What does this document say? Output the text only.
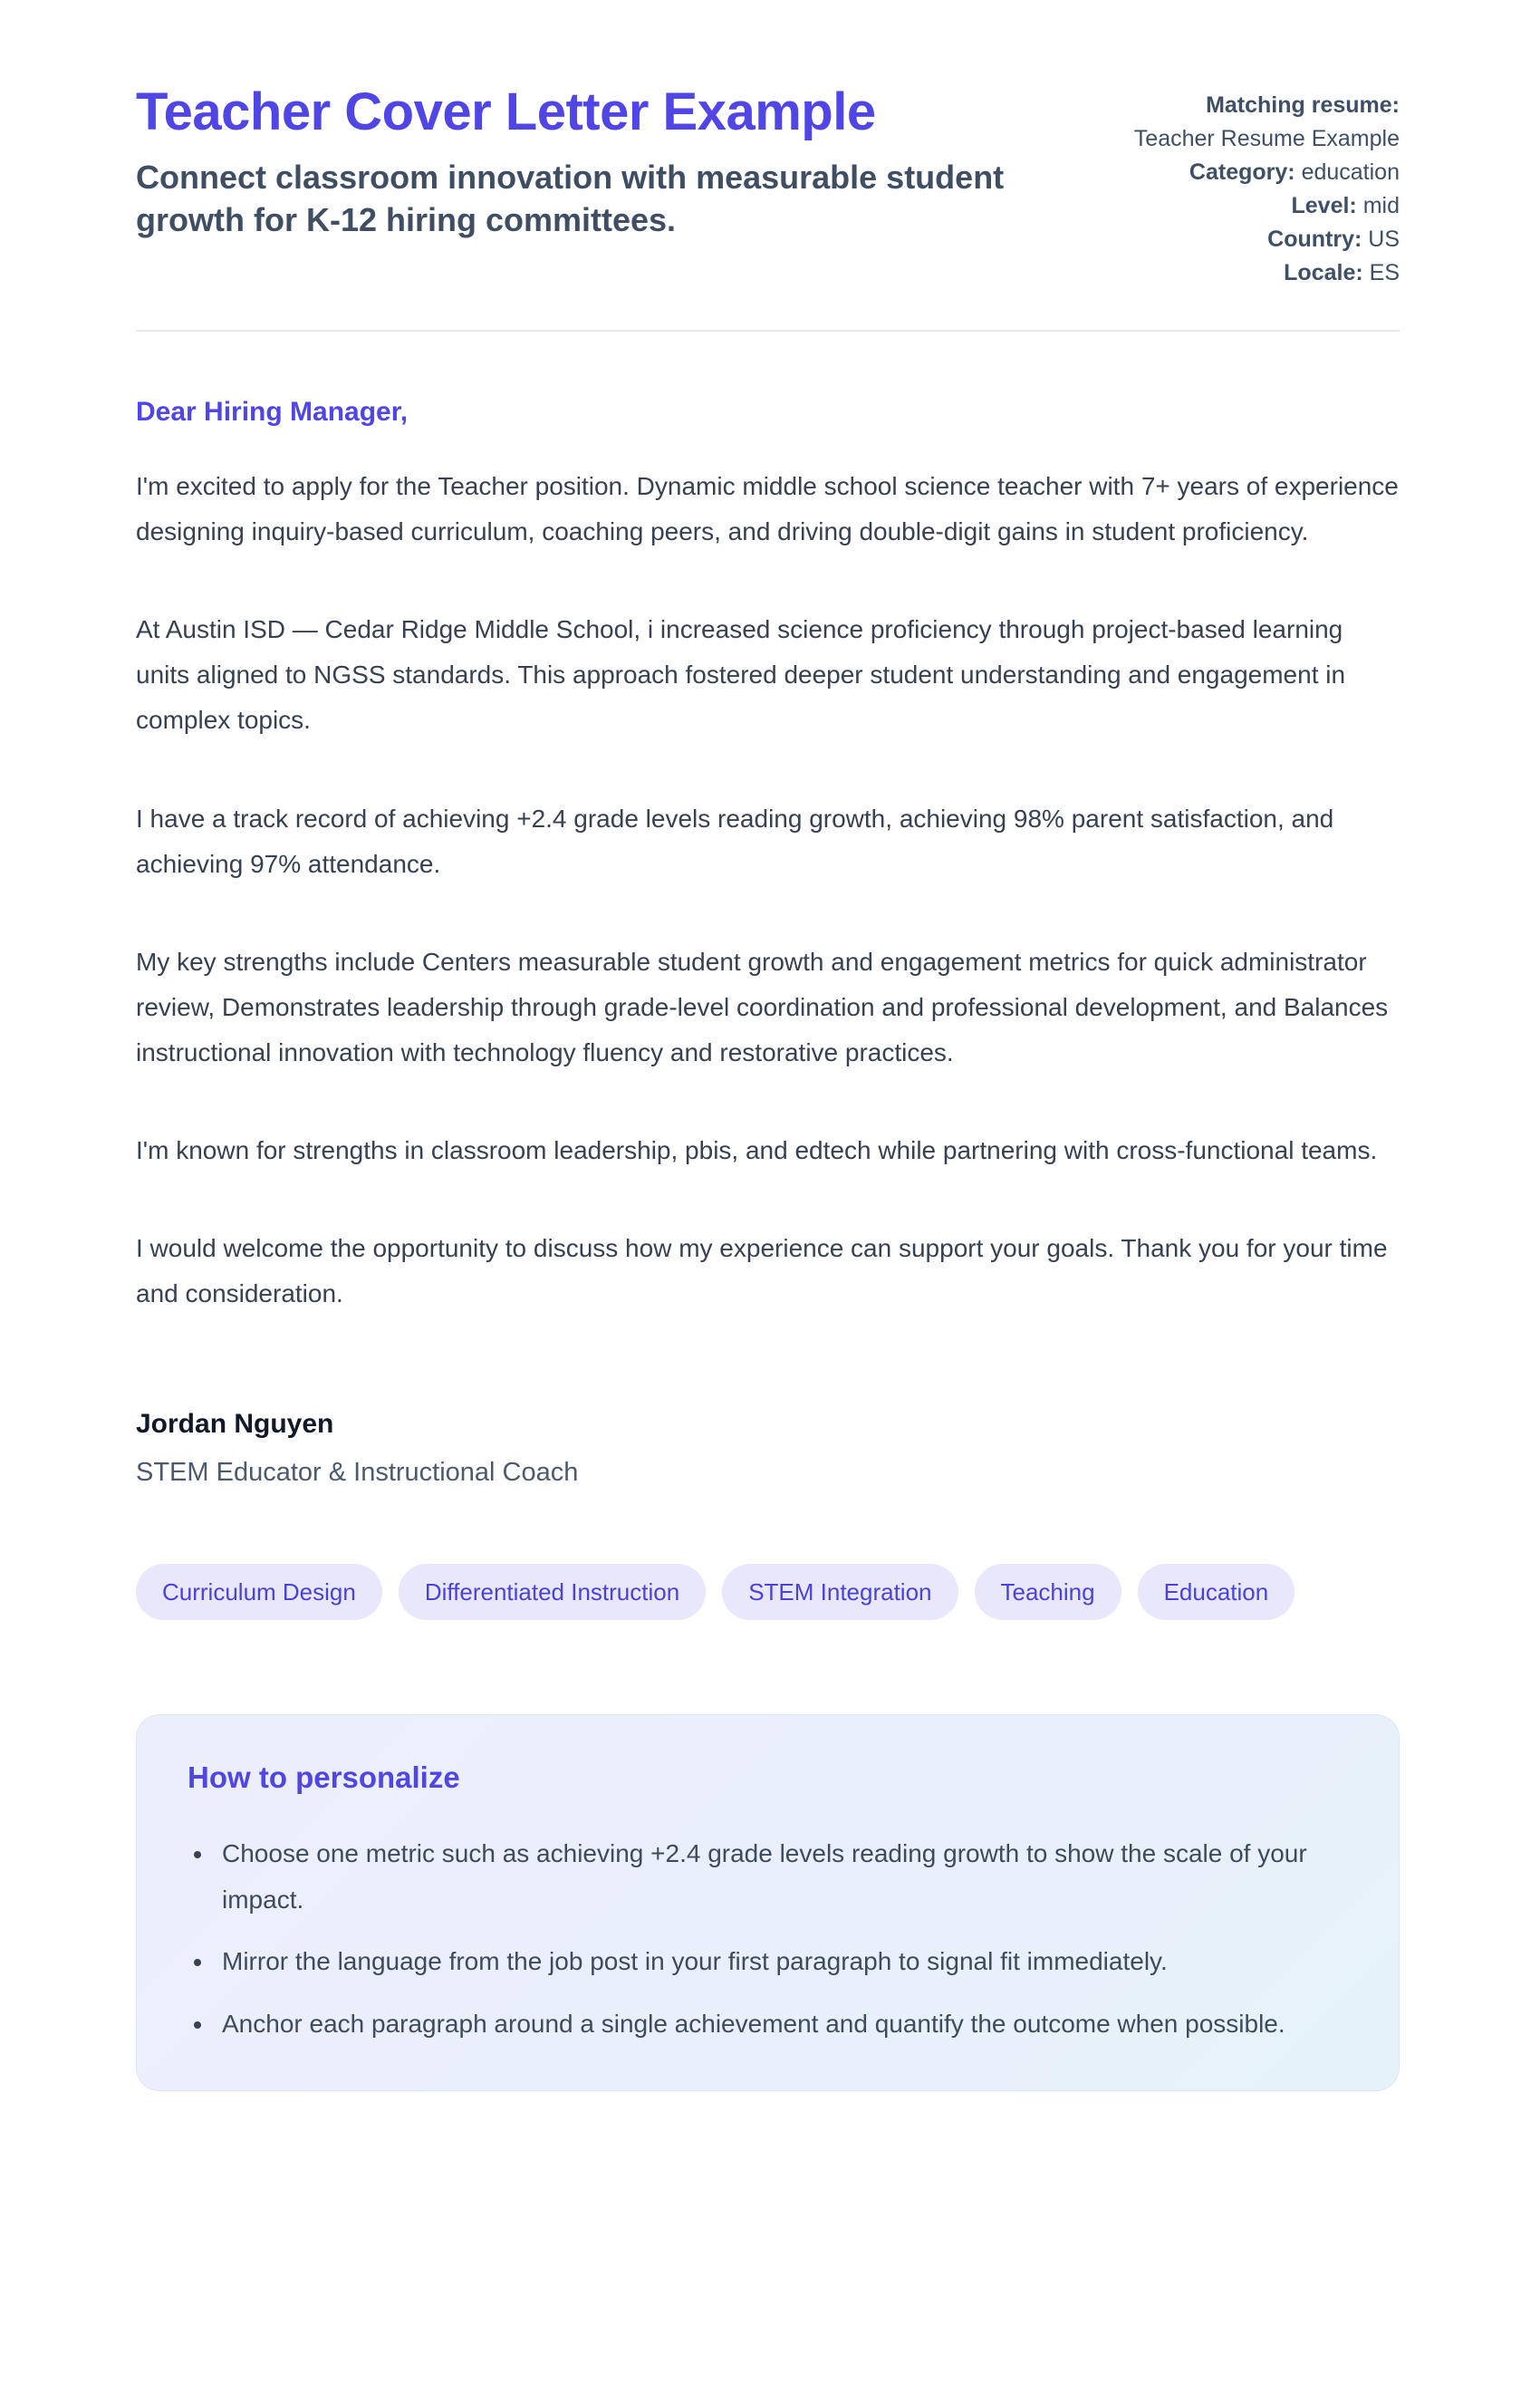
Teacher Cover Letter Example
Connect classroom innovation with measurable student growth for K-12 hiring committees.
Matching resume:
Teacher Resume Example
Category: education
Level: mid
Country: US
Locale: ES

Dear Hiring Manager,

I'm excited to apply for the Teacher position. Dynamic middle school science teacher with 7+ years of experience designing inquiry-based curriculum, coaching peers, and driving double-digit gains in student proficiency.

At Austin ISD — Cedar Ridge Middle School, i increased science proficiency through project-based learning units aligned to NGSS standards. This approach fostered deeper student understanding and engagement in complex topics.

I have a track record of achieving +2.4 grade levels reading growth, achieving 98% parent satisfaction, and achieving 97% attendance.

My key strengths include Centers measurable student growth and engagement metrics for quick administrator review, Demonstrates leadership through grade-level coordination and professional development, and Balances instructional innovation with technology fluency and restorative practices.

I'm known for strengths in classroom leadership, pbis, and edtech while partnering with cross-functional teams.

I would welcome the opportunity to discuss how my experience can support your goals. Thank you for your time and consideration.

Jordan Nguyen
STEM Educator & Instructional Coach
Curriculum Design	Differentiated Instruction	STEM Integration	Teaching	Education
How to personalize
• Choose one metric such as achieving +2.4 grade levels reading growth to show the scale of your impact.
• Mirror the language from the job post in your first paragraph to signal fit immediately.
• Anchor each paragraph around a single achievement and quantify the outcome when possible.
